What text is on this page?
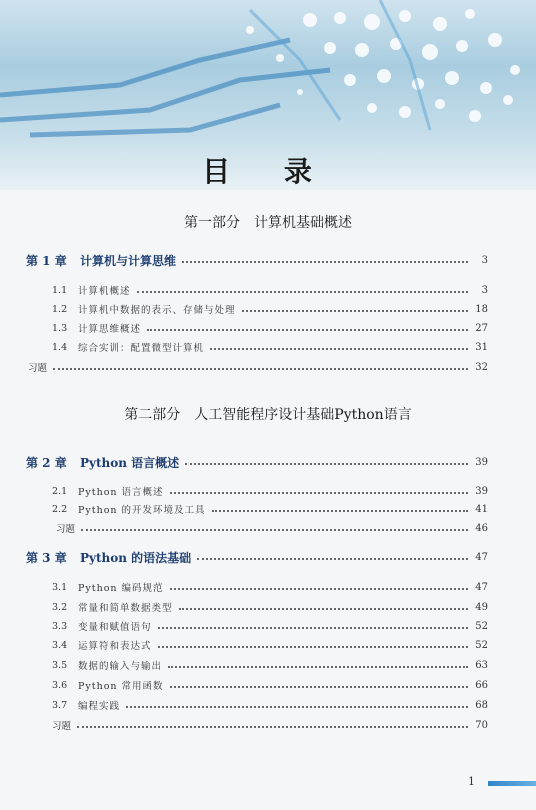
目 录
第一部分 计算机基础概述
第 1 章	计算机与计算思维	3
1.1	计算机概述	3
1.2	计算机中数据的表示、存储与处理	18
1.3	计算思维概述	27
1.4	综合实训：配置微型计算机	31
习题	32
第二部分 人工智能程序设计基础Python语言
第 2 章	Python 语言概述	39
2.1	Python 语言概述	39
2.2	Python 的开发环境及工具	41
习题	46
第 3 章	Python 的语法基础	47
3.1	Python 编码规范	47
3.2	常量和简单数据类型	49
3.3	变量和赋值语句	52
3.4	运算符和表达式	52
3.5	数据的输入与输出	63
3.6	Python 常用函数	66
3.7	编程实践	68
习题	70
1
